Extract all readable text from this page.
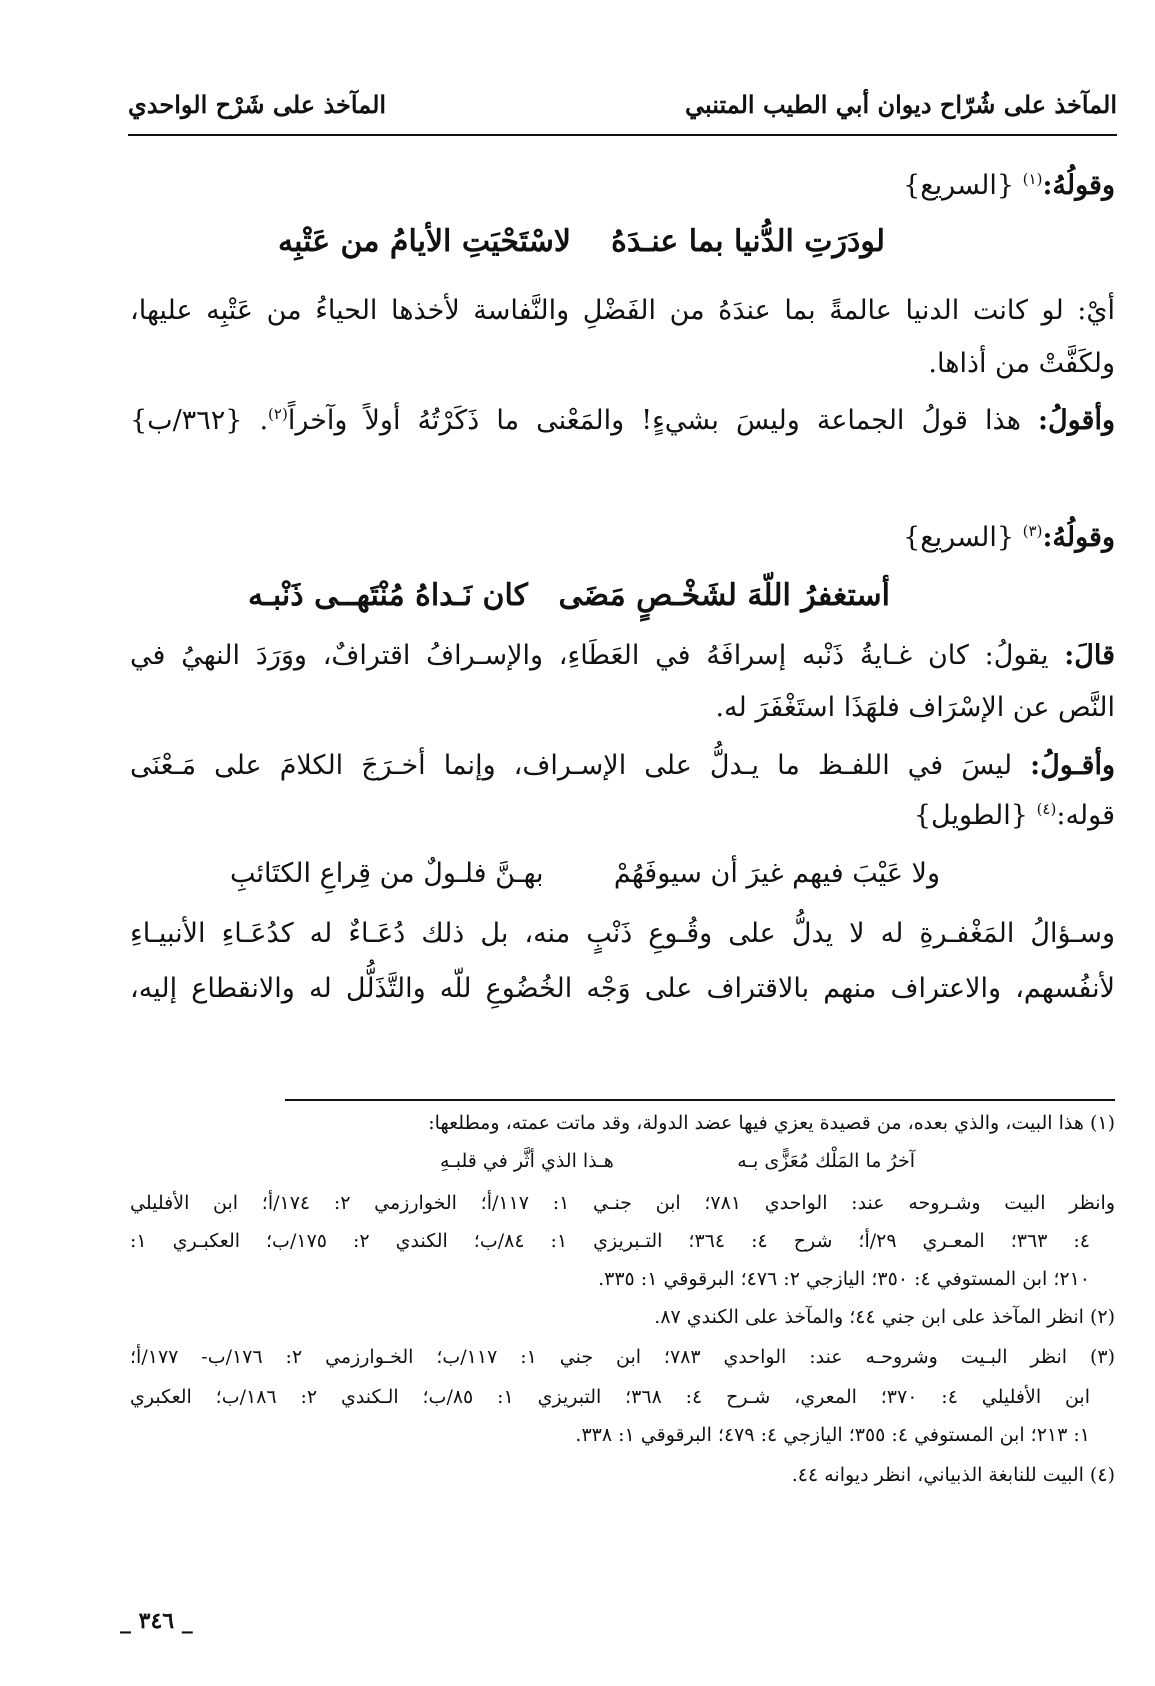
المآخذ على شُرّاح ديوان أبي الطيب المتنبي
المآخذ على شَرْح الواحدي
وقولُهُ:$^{(١)}$ {السريع}
لودَرَتِ الدُّنيا بما عنـدَهُ
لاسْتَحْيَتِ الأيامُ من عَتْبِه
أيْ: لو كانت الدنيا عالمةً بما عندَهُ من الفَضْلِ والنَّفاسة لأخذها الحياءُ من عَتْبِه عليها،
ولكَفَّتْ من أذاها.
وأقولُ: هذا قولُ الجماعة وليسَ بشيءٍ! والمَعْنى ما ذَكَرْتُهُ أولاً وآخراً$^{(٢)}$. {٣٦٢/ب}
وقولُهُ:$^{(٣)}$ {السريع}
أستغفرُ اللّهَ لشَخْـصٍ مَضَى
كان نَـداهُ مُنْتَهــى ذَنْبـه
قالَ: يقولُ: كان غـايةُ ذَنْبه إسرافَهُ في العَطَاءِ، والإسـرافُ اقترافٌ، ووَرَدَ النهيُ في
النَّص عن الإسْرَاف فلهَذَا استَغْفَرَ له.
وأقـولُ: ليسَ في اللفـظ ما يـدلُّ على الإسـراف، وإنما أخـرَجَ الكلامَ على مَـعْنَى
قوله:$^{(٤)}$ {الطويل}
ولا عَيْبَ فيهم غيرَ أن سيوفَهُمْ
بهـنَّ فلـولٌ من قِراعِ الكتَائبِ
وسـؤالُ المَغْفـرةِ له لا يدلُّ على وقُـوعِ ذَنْبٍ منه، بل ذلك دُعَـاءٌ له كدُعَـاءِ الأنبيـاءِ
لأنفُسهم، والاعتراف منهم بالاقتراف على وَجْه الخُضُوعِ للّه والتَّذَلُّل له والانقطاع إليه،
(١) هذا البيت، والذي بعده، من قصيدة يعزي فيها عضد الدولة، وقد ماتت عمته، ومطلعها:
آخرُ ما المَلْك مُعَزًّى بـه
هـذا الذي أثَّر في قلبـهِ
وانظر البيت وشـروحه عند: الواحدي ٧٨١؛ ابن جنـي ١: ١١٧/أ؛ الخوارزمي ٢: ١٧٤/أ؛ ابن الأفليلي
٤: ٣٦٣؛ المعـري ٢٩/أ؛ شرح ٤: ٣٦٤؛ التـبريزي ١: ٨٤/ب؛ الكندي ٢: ١٧٥/ب؛ العكبـري ١:
٢١٠؛ ابن المستوفي ٤: ٣٥٠؛ اليازجي ٢: ٤٧٦؛ البرقوقي ١: ٣٣٥.
(٢) انظر المآخذ على ابن جني ٤٤؛ والمآخذ على الكندي ٨٧.
(٣) انظر البـيت وشروحـه عند: الواحدي ٧٨٣؛ ابن جني ١: ١١٧/ب؛ الخـوارزمي ٢: ١٧٦/ب- ١٧٧/أ؛
ابن الأفليلي ٤: ٣٧٠؛ المعري، شـرح ٤: ٣٦٨؛ التبريزي ١: ٨٥/ب؛ الـكندي ٢: ١٨٦/ب؛ العكبري
١: ٢١٣؛ ابن المستوفي ٤: ٣٥٥؛ اليازجي ٤: ٤٧٩؛ البرقوقي ١: ٣٣٨.
(٤) البيت للنابغة الذبياني، انظر ديوانه ٤٤.
_ ٣٤٦ _
